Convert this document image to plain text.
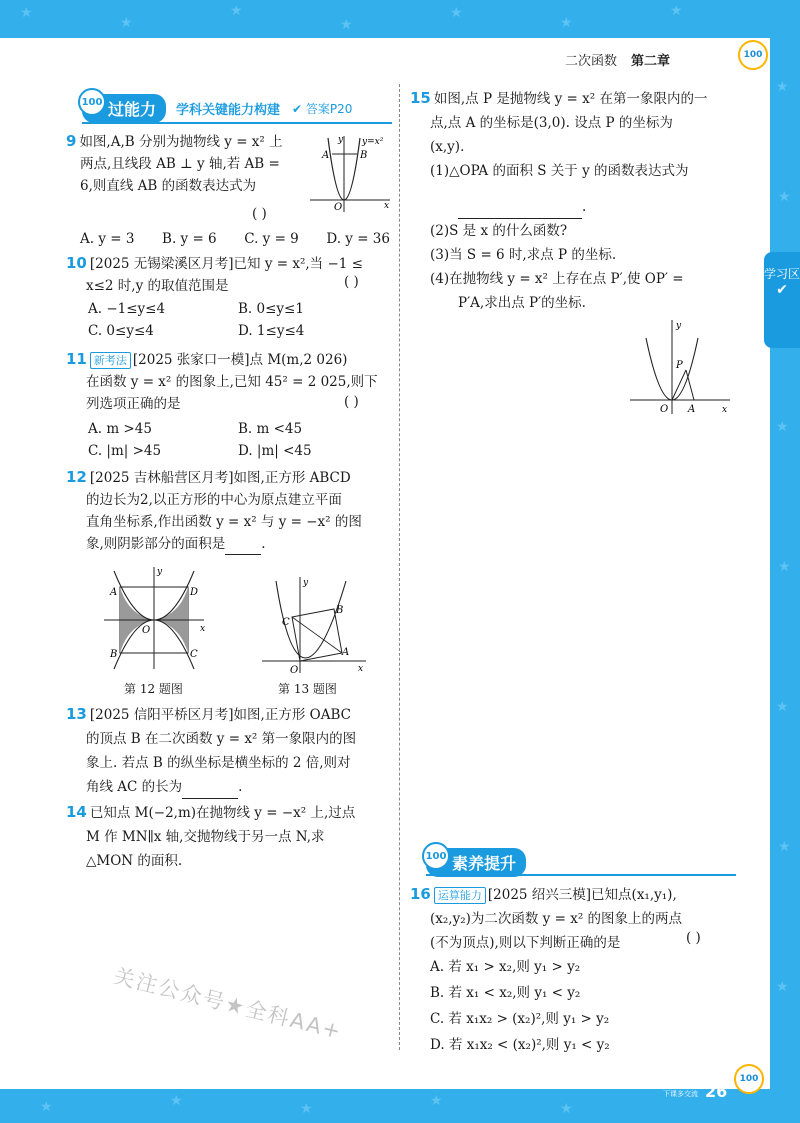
★
★
★
★
★
★
★
★
★
★
★
★
★
★
★	★	★	★	★
二次函数 第二章	100
学习区
✔
100 过能力	学科关键能力构建 ✔ 答案P20
9 如图,A,B 分别为抛物线 y = x² 上
两点,且线段 AB ⊥ y 轴,若 AB =
6,则直线 AB 的函数表达式为
( )
y y=x²
A	B
O	x
A. y = 3 B. y = 6 C. y = 9 D. y = 36
10 [2025 无锡梁溪区月考]已知 y = x²,当 −1 ≤
x≤2 时,y 的取值范围是	( )
A. −1≤y≤4	B. 0≤y≤1
C. 0≤y≤4	D. 1≤y≤4
11 新考法 [2025 张家口一模]点 M(m,2 026)
在函数 y = x² 的图象上,已知 45² = 2 025,则下
列选项正确的是	( )
A. m >45	B. m <45
C. |m| >45	D. |m| <45
12 [2025 吉林船营区月考]如图,正方形 ABCD
的边长为2,以正方形的中心为原点建立平面
直角坐标系,作出函数 y = x² 与 y = −x² 的图
象,则阴影部分的面积是	.
y
A	D
O	x
B	C
第 12 题图
y
B
C
O
A
x
第 13 题图
13 [2025 信阳平桥区月考]如图,正方形 OABC
的顶点 B 在二次函数 y = x² 第一象限内的图
象上. 若点 B 的纵坐标是横坐标的 2 倍,则对
角线 AC 的长为	.
14 已知点 M(−2,m)在抛物线 y = −x² 上,过点
M 作 MN∥x 轴,交抛物线于另一点 N,求
△MON 的面积.
关注公众号★全科AA+
15 如图,点 P 是抛物线 y = x² 在第一象限内的一
点,点 A 的坐标是(3,0). 设点 P 的坐标为
(x,y).
(1)△OPA 的面积 S 关于 y 的函数表达式为
.
(2)S 是 x 的什么函数?
(3)当 S = 6 时,求点 P 的坐标.
(4)在抛物线 y = x² 上存在点 P′,使 OP′ =
P′A,求出点 P′的坐标.
y
P
O A	x
100 素养提升
16 运算能力 [2025 绍兴三模]已知点(x₁,y₁),
(x₂,y₂)为二次函数 y = x² 的图象上的两点
(不为顶点),则以下判断正确的是	( )
A. 若 x₁ > x₂,则 y₁ > y₂
B. 若 x₁ < x₂,则 y₁ < y₂
C. 若 x₁x₂ > (x₂)²,则 y₁ > y₂
D. 若 x₁x₂ < (x₂)²,则 y₁ < y₂
上课认真听 下课多交流 26
100
